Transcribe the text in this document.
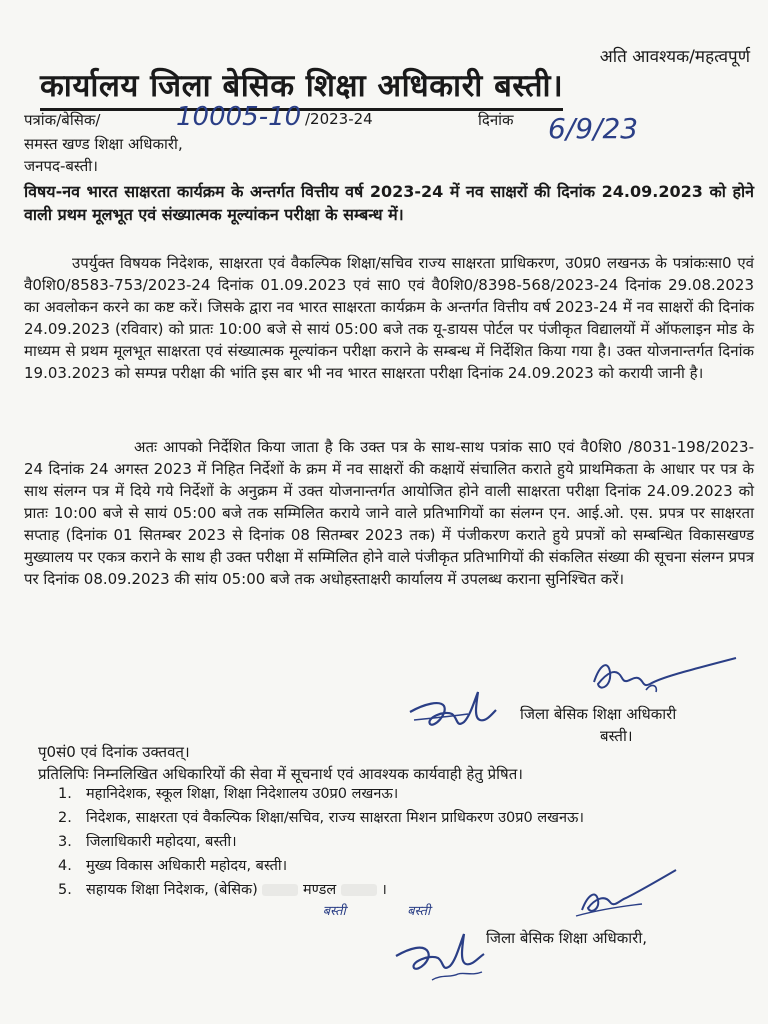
अति आवश्यक/महत्वपूर्ण
कार्यालय जिला बेसिक शिक्षा अधिकारी बस्ती।
पत्रांक/बेसिक/	10005-10 /2023-24	दिनांक 6/9/23
समस्त खण्ड शिक्षा अधिकारी,
जनपद-बस्ती।
विषय-नव भारत साक्षरता कार्यक्रम के अन्तर्गत वित्तीय वर्ष 2023-24 में नव साक्षरों की दिनांक 24.09.2023 को होने वाली प्रथम मूलभूत एवं संख्यात्मक मूल्यांकन परीक्षा के सम्बन्ध में।
उपर्युक्त विषयक निदेशक, साक्षरता एवं वैकल्पिक शिक्षा/सचिव राज्य साक्षरता प्राधिकरण, उ0प्र0 लखनऊ के पत्रांकःसा0 एवं वै0शि0/8583-753/2023-24 दिनांक 01.09.2023 एवं सा0 एवं वै0शि0/8398-568/2023-24 दिनांक 29.08.2023 का अवलोकन करने का कष्ट करें। जिसके द्वारा नव भारत साक्षरता कार्यक्रम के अन्तर्गत वित्तीय वर्ष 2023-24 में नव साक्षरों की दिनांक 24.09.2023 (रविवार) को प्रातः 10:00 बजे से सायं 05:00 बजे तक यू-डायस पोर्टल पर पंजीकृत विद्यालयों में ऑफलाइन मोड के माध्यम से प्रथम मूलभूत साक्षरता एवं संख्यात्मक मूल्यांकन परीक्षा कराने के सम्बन्ध में निर्देशित किया गया है। उक्त योजनान्तर्गत दिनांक 19.03.2023 को सम्पन्न परीक्षा की भांति इस बार भी नव भारत साक्षरता परीक्षा दिनांक 24.09.2023 को करायी जानी है।
अतः आपको निर्देशित किया जाता है कि उक्त पत्र के साथ-साथ पत्रांक सा0 एवं वै0शि0 /8031-198/2023-24 दिनांक 24 अगस्त 2023 में निहित निर्देशों के क्रम में नव साक्षरों की कक्षायें संचालित कराते हुये प्राथमिकता के आधार पर पत्र के साथ संलग्न पत्र में दिये गये निर्देशों के अनुक्रम में उक्त योजनान्तर्गत आयोजित होने वाली साक्षरता परीक्षा दिनांक 24.09.2023 को प्रातः 10:00 बजे से सायं 05:00 बजे तक सम्मिलित कराये जाने वाले प्रतिभागियों का संलग्न एन. आई.ओ. एस. प्रपत्र पर साक्षरता सप्ताह (दिनांक 01 सितम्बर 2023 से दिनांक 08 सितम्बर 2023 तक) में पंजीकरण कराते हुये प्रपत्रों को सम्बन्धित विकासखण्ड मुख्यालय पर एकत्र कराने के साथ ही उक्त परीक्षा में सम्मिलित होने वाले पंजीकृत प्रतिभागियों की संकलित संख्या की सूचना संलग्न प्रपत्र पर दिनांक 08.09.2023 की सांय 05:00 बजे तक अधोहस्ताक्षरी कार्यालय में उपलब्ध कराना सुनिश्चित करें।
जिला बेसिक शिक्षा अधिकारी
बस्ती।
पृ0सं0 एवं दिनांक उक्तवत्।
प्रतिलिपिः निम्नलिखित अधिकारियों की सेवा में सूचनार्थ एवं आवश्यक कार्यवाही हेतु प्रेषित।
1. महानिदेशक, स्कूल शिक्षा, शिक्षा निदेशालय उ0प्र0 लखनऊ।
2. निदेशक, साक्षरता एवं वैकल्पिक शिक्षा/सचिव, राज्य साक्षरता मिशन प्राधिकरण उ0प्र0 लखनऊ।
3. जिलाधिकारी महोदया, बस्ती।
4. मुख्य विकास अधिकारी महोदय, बस्ती।
5. सहायक शिक्षा निदेशक, (बेसिक)	मण्डल	।
बस्ती	बस्ती
जिला बेसिक शिक्षा अधिकारी,
